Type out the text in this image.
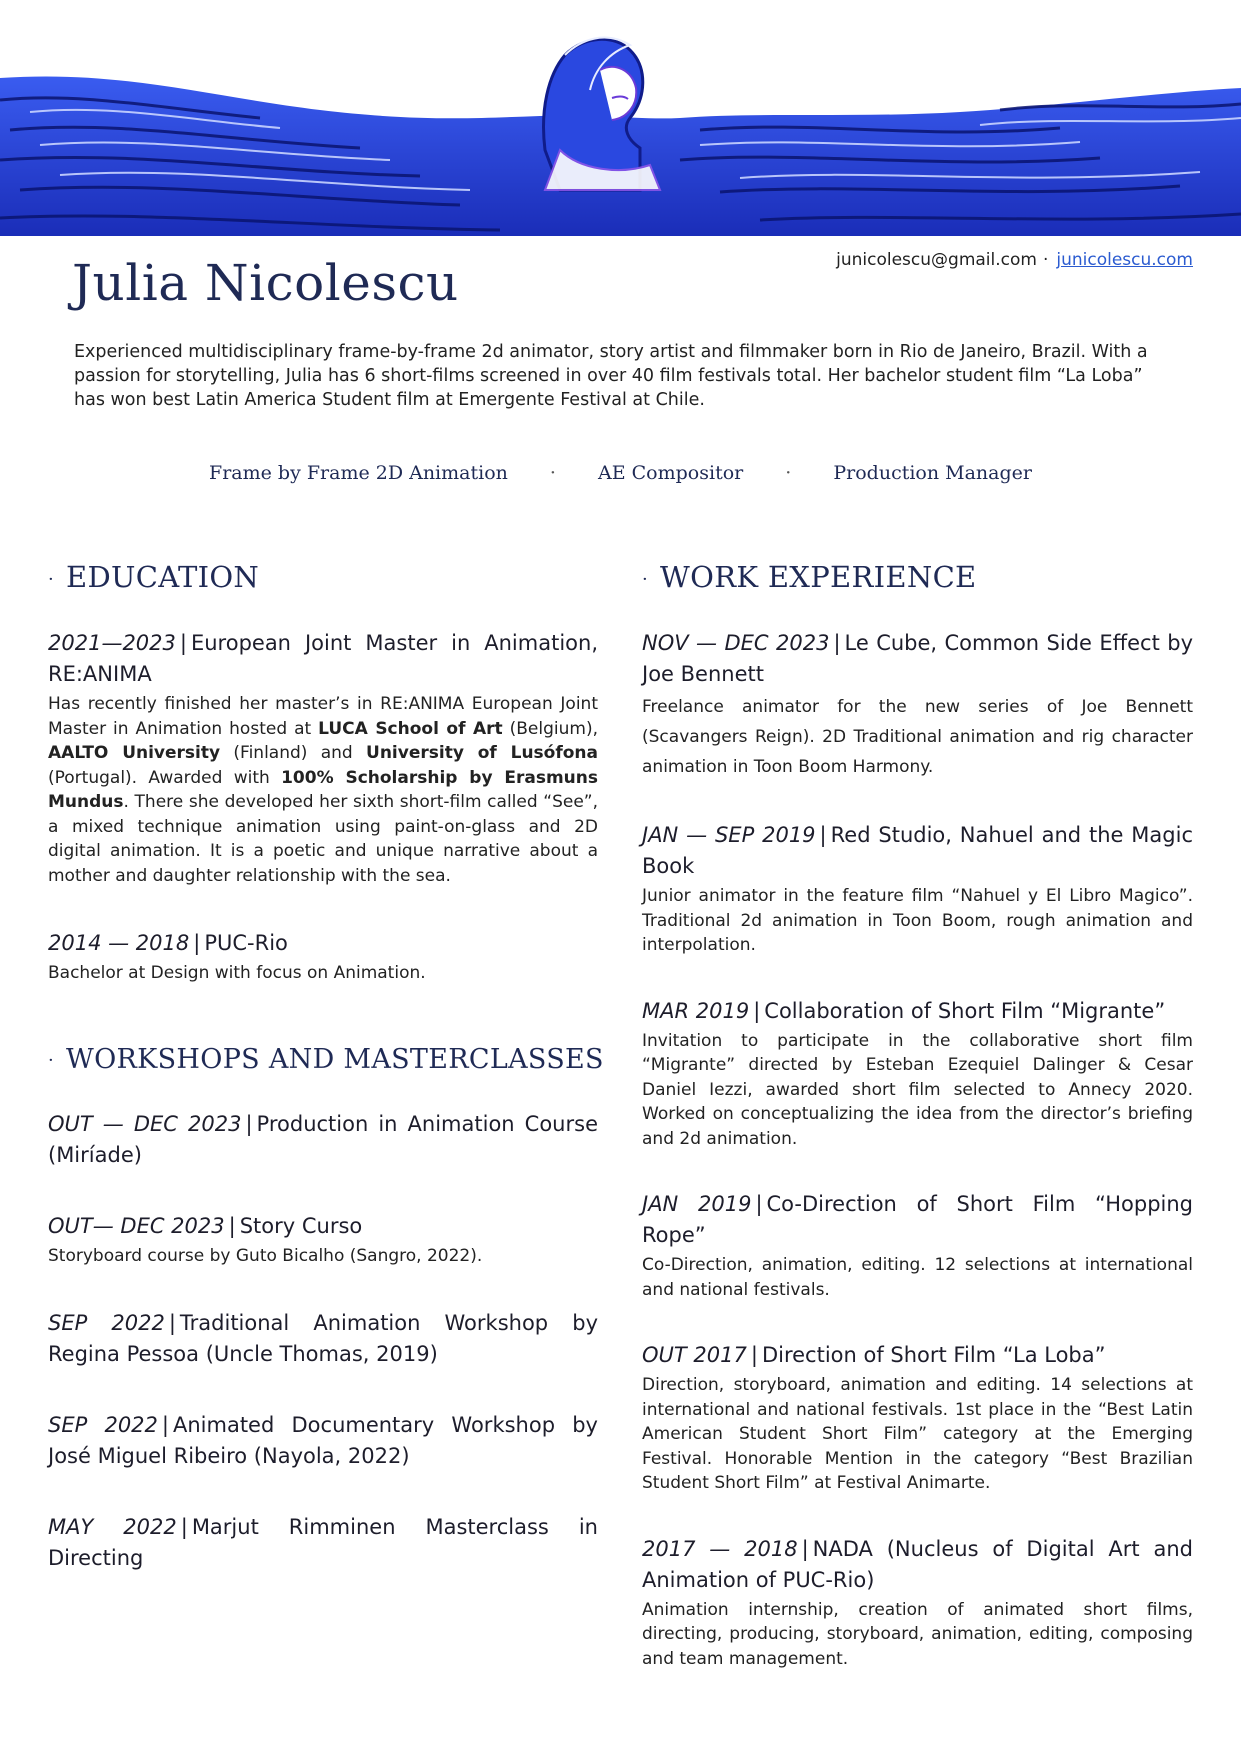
junicolescu@gmail.com · junicolescu.com
Julia Nicolescu

Experienced multidisciplinary frame-by-frame 2d animator, story artist and filmmaker born in Rio de Janeiro, Brazil. With a passion for storytelling, Julia has 6 short-films screened in over 40 film festivals total. Her bachelor student film “La Loba” has won best Latin America Student film at Emergente Festival at Chile.

Frame by Frame 2D Animation · AE Compositor · Production Manager
· EDUCATION

2021—2023 | European Joint Master in Animation, RE:ANIMA

Has recently finished her master’s in RE:ANIMA European Joint Master in Animation hosted at LUCA School of Art (Belgium), AALTO University (Finland) and University of Lusófona (Portugal). Awarded with 100% Scholarship by Erasmuns Mundus. There she developed her sixth short-film called “See”, a mixed technique animation using paint-on-glass and 2D digital animation. It is a poetic and unique narrative about a mother and daughter relationship with the sea.

2014 — 2018 | PUC-Rio

Bachelor at Design with focus on Animation.

· WORKSHOPS AND MASTERCLASSES

OUT — DEC 2023 | Production in Animation Course (Miríade)

OUT— DEC 2023 | Story Curso

Storyboard course by Guto Bicalho (Sangro, 2022).

SEP 2022 | Traditional Animation Workshop by Regina Pessoa (Uncle Thomas, 2019)

SEP 2022 | Animated Documentary Workshop by José Miguel Ribeiro (Nayola, 2022)

MAY 2022 | Marjut Rimminen Masterclass in Directing

· WORK EXPERIENCE

NOV — DEC 2023 | Le Cube, Common Side Effect by Joe Bennett

Freelance animator for the new series of Joe Bennett (Scavangers Reign). 2D Traditional animation and rig character animation in Toon Boom Harmony.

JAN — SEP 2019 | Red Studio, Nahuel and the Magic Book

Junior animator in the feature film “Nahuel y El Libro Magico”. Traditional 2d animation in Toon Boom, rough animation and interpolation.

MAR 2019 | Collaboration of Short Film “Migrante”

Invitation to participate in the collaborative short film “Migrante” directed by Esteban Ezequiel Dalinger & Cesar Daniel Iezzi, awarded short film selected to Annecy 2020. Worked on conceptualizing the idea from the director’s briefing and 2d animation.

JAN 2019 | Co-Direction of Short Film “Hopping Rope”

Co-Direction, animation, editing. 12 selections at international and national festivals.

OUT 2017 | Direction of Short Film “La Loba”

Direction, storyboard, animation and editing. 14 selections at international and national festivals. 1st place in the “Best Latin American Student Short Film” category at the Emerging Festival. Honorable Mention in the category “Best Brazilian Student Short Film” at Festival Animarte.

2017 — 2018 | NADA (Nucleus of Digital Art and Animation of PUC-Rio)

Animation internship, creation of animated short films, directing, producing, storyboard, animation, editing, composing and team management.
